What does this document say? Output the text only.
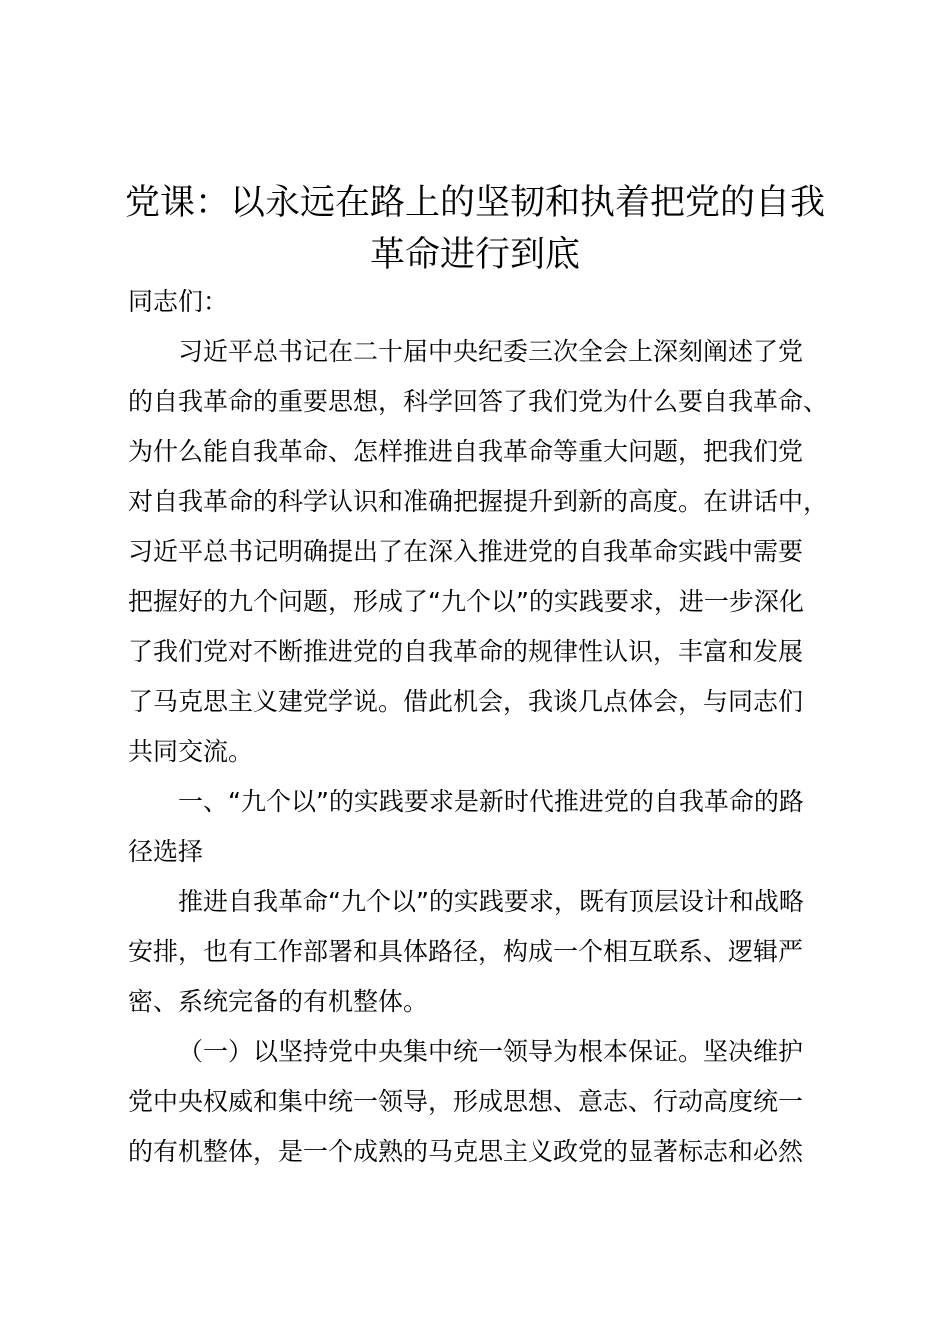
党课：以永远在路上的坚韧和执着把党的自我
革命进行到底
同志们：
习近平总书记在二十届中央纪委三次全会上深刻阐述了党
的自我革命的重要思想，科学回答了我们党为什么要自我革命、
为什么能自我革命、怎样推进自我革命等重大问题，把我们党
对自我革命的科学认识和准确把握提升到新的高度。在讲话中，
习近平总书记明确提出了在深入推进党的自我革命实践中需要
把握好的九个问题，形成了“九个以”的实践要求，进一步深化
了我们党对不断推进党的自我革命的规律性认识，丰富和发展
了马克思主义建党学说。借此机会，我谈几点体会，与同志们
共同交流。
一、“九个以”的实践要求是新时代推进党的自我革命的路
径选择
推进自我革命“九个以”的实践要求，既有顶层设计和战略
安排，也有工作部署和具体路径，构成一个相互联系、逻辑严
密、系统完备的有机整体。
（一）以坚持党中央集中统一领导为根本保证。坚决维护
党中央权威和集中统一领导，形成思想、意志、行动高度统一
的有机整体，是一个成熟的马克思主义政党的显著标志和必然
